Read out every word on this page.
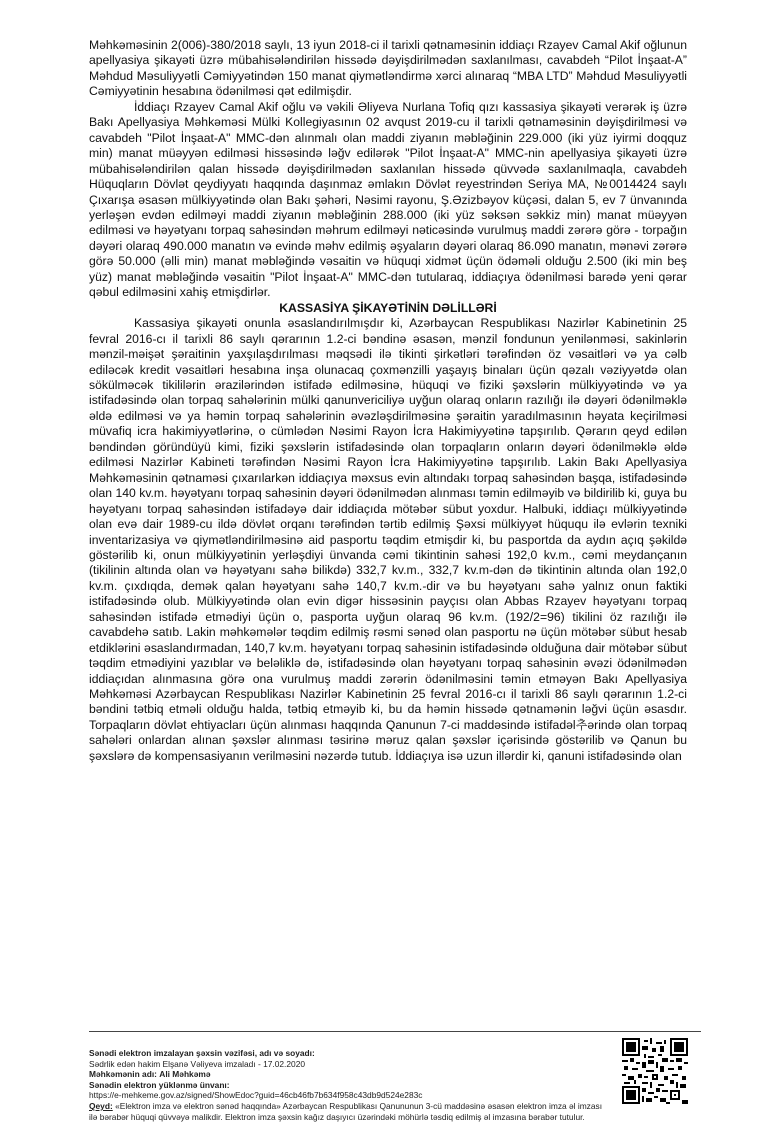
Məhkəməsinin 2(006)-380/2018 saylı, 13 iyun 2018-ci il tarixli qətnaməsinin iddiaçı Rzayev Camal Akif oğlunun apellyasiya şikayəti üzrə mübahisələndirilən hissədə dəyişdirilmədən saxlanılması, cavabdeh “Pilot İnşaat-A” Məhdud Məsuliyyətli Cəmiyyətindən 150 manat qiymətləndirmə xərci alınaraq “MBA LTD” Məhdud Məsuliyyətli Cəmiyyətinin hesabına ödənilməsi qət edilmişdir.

İddiaçı Rzayev Camal Akif oğlu və vəkili Əliyeva Nurlana Tofiq qızı kassasiya şikayəti verərək iş üzrə Bakı Apellyasiya Məhkəməsi Mülki Kollegiyasının 02 avqust 2019-cu il tarixli qətnaməsinin dəyişdirilməsi və cavabdeh "Pilot İnşaat-A" MMC-dən alınmalı olan maddi ziyanın məbləğinin 229.000 (iki yüz iyirmi doqquz min) manat müəyyən edilməsi hissəsində ləğv edilərək "Pilot İnşaat-A" MMC-nin apellyasiya şikayəti üzrə mübahisələndirilən qalan hissədə dəyişdirilmədən saxlanılan hissədə qüvvədə saxlanılmaqla, cavabdeh Hüquqların Dövlət qeydiyyatı haqqında daşınmaz əmlakın Dövlət reyestrindən Seriya MA, №0014424 saylı Çıxarışa əsasən mülkiyyətində olan Bakı şəhəri, Nəsimi rayonu, Ş.Əzizbəyov küçəsi, dalan 5, ev 7 ünvanında yerləşən evdən edilməyi maddi ziyanın məbləğinin 288.000 (iki yüz səksən səkkiz min) manat müəyyən edilməsi və həyətyanı torpaq sahəsindən məhrum edilməyi nəticəsində vurulmuş maddi zərərə görə - torpağın dəyəri olaraq 490.000 manatın və evində məhv edilmiş əşyaların dəyəri olaraq 86.090 manatın, mənəvi zərərə görə 50.000 (əlli min) manat məbləğində vəsaitin və hüquqi xidmət üçün ödəməli olduğu 2.500 (iki min beş yüz) manat məbləğində vəsaitin "Pilot İnşaat-A" MMC-dən tutularaq, iddiaçıya ödənilməsi barədə yeni qərar qəbul edilməsini xahiş etmişdirlər.

KASSASİYA ŞİKAYƏTİNİN DƏLİLLƏRİ

Kassasiya şikayəti onunla əsaslandırılmışdır ki, Azərbaycan Respublikası Nazirlər Kabinetinin 25 fevral 2016-cı il tarixli 86 saylı qərarının 1.2-ci bəndinə əsasən, mənzil fondunun yenilənməsi, sakinlərin mənzil-məişət şəraitinin yaxşılaşdırılması məqsədi ilə tikinti şirkətləri tərəfindən öz vəsaitləri və ya cəlb ediləcək kredit vəsaitləri hesabına inşa olunacaq çoxmənzilli yaşayış binaları üçün qəzalı vəziyyətdə olan sökülməcək tikililərin ərazilərindən istifadə edilməsinə, hüquqi və fiziki şəxslərin mülkiyyətində və ya istifadəsində olan torpaq sahələrinin mülki qanunvericiliyə uyğun olaraq onların razılığı ilə dəyəri ödənilməklə əldə edilməsi və ya həmin torpaq sahələrinin əvəzləşdirilməsinə şəraitin yaradılmasının həyata keçirilməsi müvafiq icra hakimiyyətlərinə, o cümlədən Nəsimi Rayon İcra Hakimiyyətinə tapşırılıb. Qərarın qeyd edilən bəndindən göründüyü kimi, fiziki şəxslərin istifadəsində olan torpaqların onların dəyəri ödənilməklə əldə edilməsi Nazirlər Kabineti tərəfindən Nəsimi Rayon İcra Hakimiyyətinə tapşırılıb. Lakin Bakı Apellyasiya Məhkəməsinin qətnaməsi çıxarılarkən iddiaçıya məxsus evin altındakı torpaq sahəsindən başqa, istifadəsində olan 140 kv.m. həyətyanı torpaq sahəsinin dəyəri ödənilmədən alınması təmin edilməyib və bildirilib ki, guya bu həyətyanı torpaq sahəsindən istifadəyə dair iddiaçıda mötəbər sübut yoxdur. Halbuki, iddiaçı mülkiyyətində olan evə dair 1989-cu ildə dövlət orqanı tərəfindən tərtib edilmiş Şəxsi mülkiyyət hüququ ilə evlərin texniki inventarizasiya və qiymətləndirilməsinə aid pasportu təqdim etmişdir ki, bu pasportda da aydın açıq şəkildə göstərilib ki, onun mülkiyyətinin yerləşdiyi ünvanda cəmi tikintinin sahəsi 192,0 kv.m., cəmi meydançanın (tikilinin altında olan və həyətyanı sahə bilikdə) 332,7 kv.m., 332,7 kv.m-dən də tikintinin altında olan 192,0 kv.m. çıxdıqda, demək qalan həyətyanı sahə 140,7 kv.m.-dir və bu həyətyanı sahə yalnız onun faktiki istifadəsində olub. Mülkiyyətində olan evin digər hissəsinin payçısı olan Abbas Rzayev həyətyanı torpaq sahəsindən istifadə etmədiyi üçün o, pasporta uyğun olaraq 96 kv.m. (192/2=96) tikilini öz razılığı ilə cavabdehə satıb. Lakin məhkəmələr təqdim edilmiş rəsmi sənəd olan pasportu nə üçün mötəbər sübut hesab etdiklərini əsaslandırmadan, 140,7 kv.m. həyətyanı torpaq sahəsinin istifadəsində olduğuna dair mötəbər sübut təqdim etmədiyini yazıblar və beləliklə də, istifadəsində olan həyətyanı torpaq sahəsinin əvəzi ödənilmədən iddiaçıdan alınmasına görə ona vurulmuş maddi zərərin ödənilməsini təmin etməyən Bakı Apellyasiya Məhkəməsi Azərbaycan Respublikası Nazirlər Kabinetinin 25 fevral 2016-cı il tarixli 86 saylı qərarının 1.2-ci bəndini tətbiq etməli olduğu halda, tətbiq etməyib ki, bu da həmin hissədə qətnamənin ləğvi üçün əsasdır. Torpaqların dövlət ehtiyacları üçün alınması haqqında Qanunun 7-ci maddəsində istifadəl추ərində olan torpaq sahələri onlardan alınan şəxslər alınması təsirinə məruz qalan şəxslər içərisində göstərilib və Qanun bu şəxslərə də kompensasiyanın verilməsini nəzərdə tutub. İddiaçıya isə uzun illərdir ki, qanuni istifadəsində olan

Sənədi elektron imzalayan şəxsin vəzifəsi, adı və soyadı:
Sədrlik edən hakim Elşanə Vəliyeva imzaladı - 17.02.2020
Məhkəmənin adı: Ali Məhkəmə
Sənədin elektron yüklənmə ünvanı:
https://e-mehkeme.gov.az/signed/ShowEdoc?guid=46cb46fb7b634f958c43db9d524e283c
Qeyd: «Elektron imza və elektron sənəd haqqında» Azərbaycan Respublikası Qanununun 3-cü maddəsinə əsasən elektron imza əl imzası ilə bərabər hüquqi qüvvəyə malikdir. Elektron imza şəxsin kağız daşıyıcı üzərindəki möhürlə təsdiq edilmiş əl imzasına bərabər tutulur.
